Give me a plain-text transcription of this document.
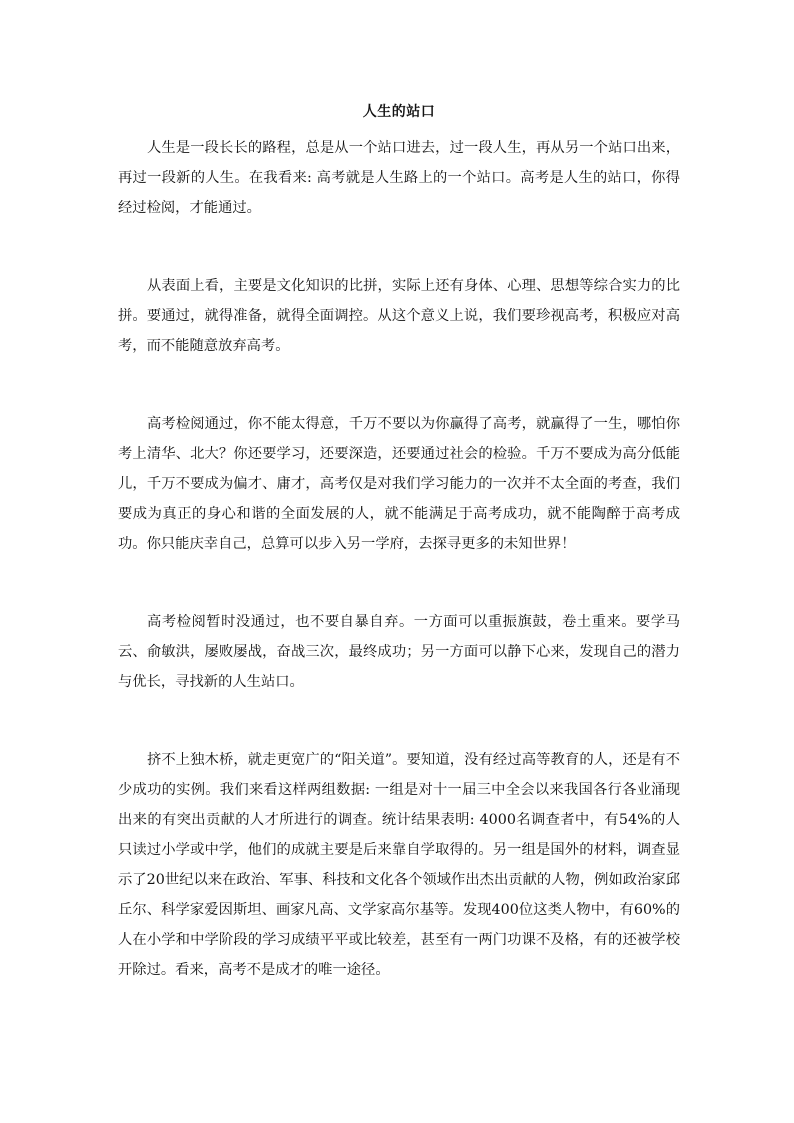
人生的站口

人生是一段长长的路程，总是从一个站口进去，过一段人生，再从另一个站口出来，再过一段新的人生。在我看来: 高考就是人生路上的一个站口。高考是人生的站口，你得经过检阅，才能通过。

从表面上看，主要是文化知识的比拼，实际上还有身体、心理、思想等综合实力的比拼。要通过，就得准备，就得全面调控。从这个意义上说，我们要珍视高考，积极应对高考，而不能随意放弃高考。

高考检阅通过，你不能太得意，千万不要以为你赢得了高考，就赢得了一生，哪怕你考上清华、北大？你还要学习，还要深造，还要通过社会的检验。千万不要成为高分低能儿，千万不要成为偏才、庸才，高考仅是对我们学习能力的一次并不太全面的考查，我们要成为真正的身心和谐的全面发展的人，就不能满足于高考成功，就不能陶醉于高考成功。你只能庆幸自己，总算可以步入另一学府，去探寻更多的未知世界！

高考检阅暂时没通过，也不要自暴自弃。一方面可以重振旗鼓，卷土重来。要学马云、俞敏洪，屡败屡战，奋战三次，最终成功；另一方面可以静下心来，发现自己的潜力与优长，寻找新的人生站口。

挤不上独木桥，就走更宽广的“阳关道”。要知道，没有经过高等教育的人，还是有不少成功的实例。我们来看这样两组数据: 一组是对十一届三中全会以来我国各行各业涌现出来的有突出贡献的人才所进行的调查。统计结果表明: 4000名调查者中，有54%的人只读过小学或中学，他们的成就主要是后来靠自学取得的。另一组是国外的材料，调查显示了20世纪以来在政治、军事、科技和文化各个领域作出杰出贡献的人物，例如政治家邱丘尔、科学家爱因斯坦、画家凡高、文学家高尔基等。发现400位这类人物中，有60%的人在小学和中学阶段的学习成绩平平或比较差，甚至有一两门功课不及格，有的还被学校开除过。看来，高考不是成才的唯一途径。
